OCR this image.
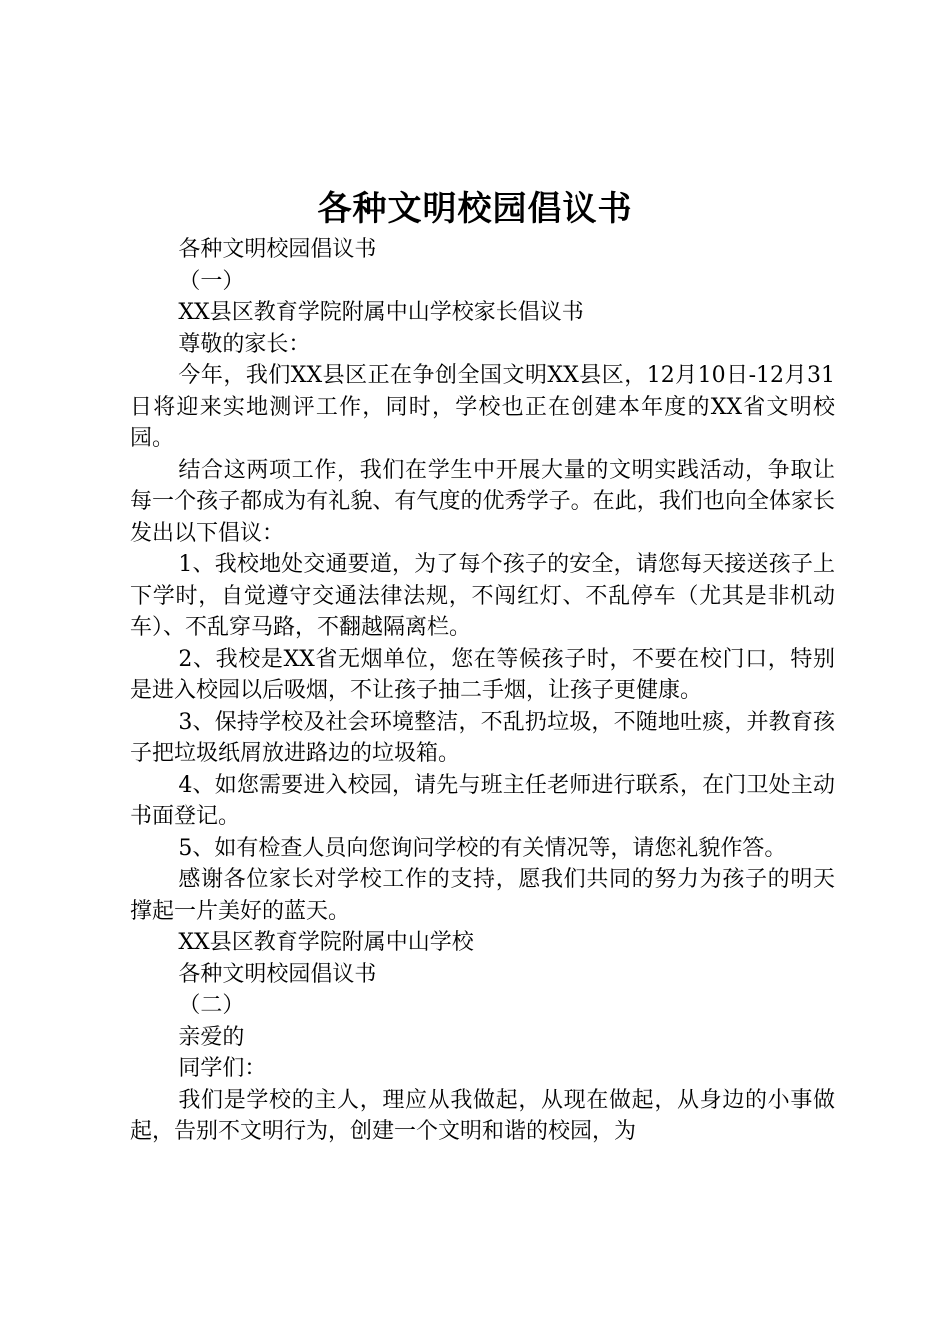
各种文明校园倡议书

各种文明校园倡议书

（一）

XX县区教育学院附属中山学校家长倡议书

尊敬的家长：

今年，我们XX县区正在争创全国文明XX县区，12月10日-12月31日将迎来实地测评工作，同时，学校也正在创建本年度的XX省文明校园。

结合这两项工作，我们在学生中开展大量的文明实践活动，争取让每一个孩子都成为有礼貌、有气度的优秀学子。在此，我们也向全体家长发出以下倡议：

1、我校地处交通要道，为了每个孩子的安全，请您每天接送孩子上下学时，自觉遵守交通法律法规，不闯红灯、不乱停车（尤其是非机动车）、不乱穿马路，不翻越隔离栏。

2、我校是XX省无烟单位，您在等候孩子时，不要在校门口，特别是进入校园以后吸烟，不让孩子抽二手烟，让孩子更健康。

3、保持学校及社会环境整洁，不乱扔垃圾，不随地吐痰，并教育孩子把垃圾纸屑放进路边的垃圾箱。

4、如您需要进入校园，请先与班主任老师进行联系，在门卫处主动书面登记。

5、如有检查人员向您询问学校的有关情况等，请您礼貌作答。

感谢各位家长对学校工作的支持，愿我们共同的努力为孩子的明天撑起一片美好的蓝天。

XX县区教育学院附属中山学校

各种文明校园倡议书

（二）

亲爱的

同学们：

我们是学校的主人，理应从我做起，从现在做起，从身边的小事做起，告别不文明行为，创建一个文明和谐的校园，为
